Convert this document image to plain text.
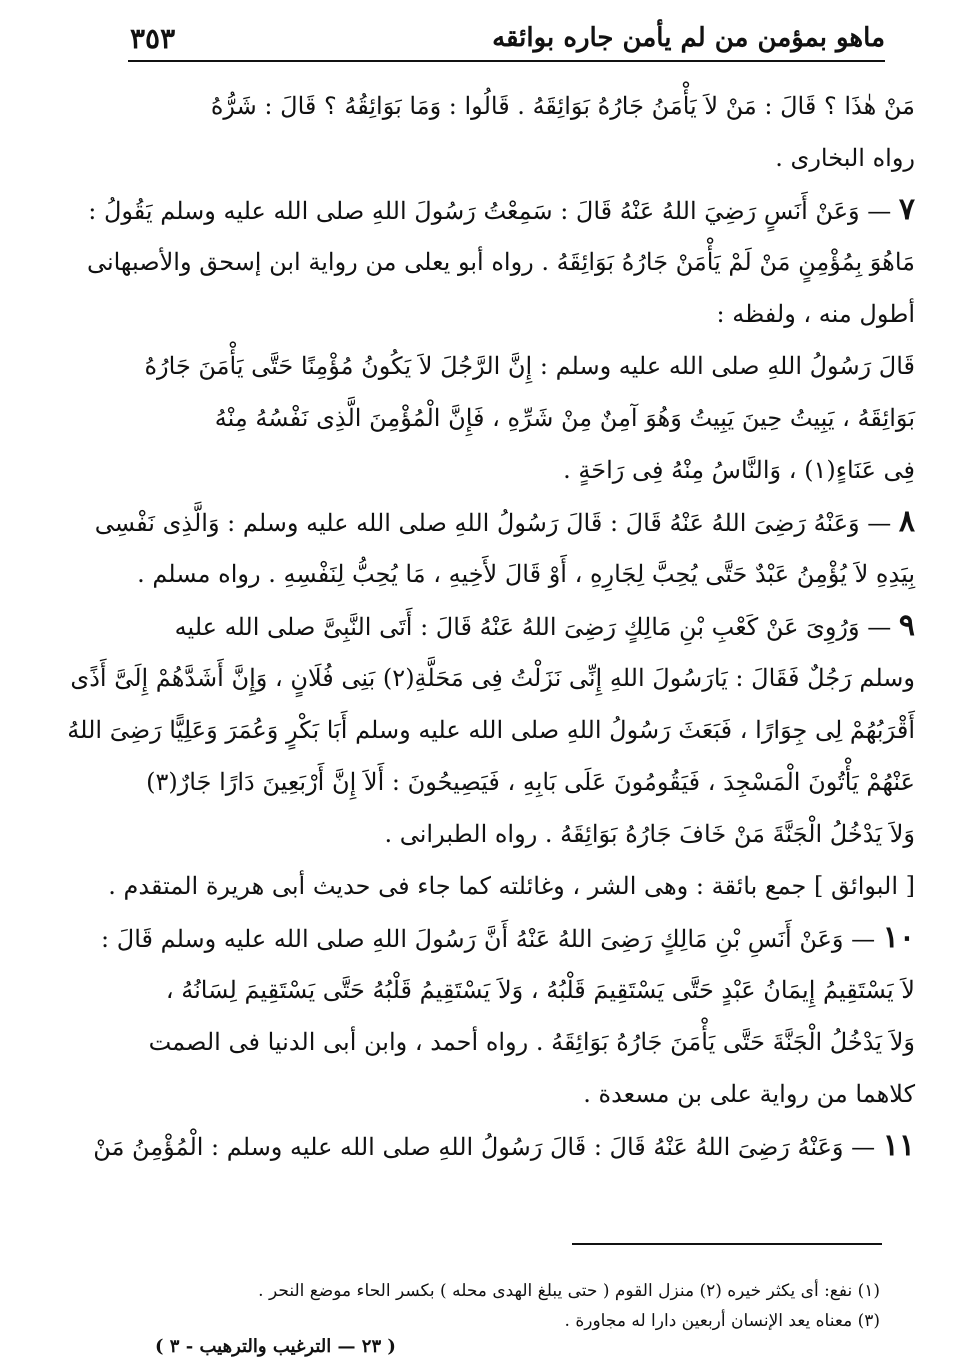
ماهو بمؤمن من لم يأمن جاره بوائقه
٣٥٣
مَنْ هٰذَا ؟ قَالَ : مَنْ لاَ يَأْمَنُ جَارُهُ بَوَائِقَهُ . قَالُوا : وَمَا بَوَائِقُهُ ؟ قَالَ : شَرُّهُ
رواه البخارى .
٧ — وَعَنْ أَنَسٍ رَضِيَ اللهُ عَنْهُ قَالَ : سَمِعْتُ رَسُولَ اللهِ صلى الله عليه وسلم يَقُولُ :
مَاهُوَ بِمُؤْمِنٍ مَنْ لَمْ يَأْمَنْ جَارُهُ بَوَائِقَهُ . رواه أبو يعلى من رواية ابن إسحق والأصبهانى
أطول منه ، ولفظه :
قَالَ رَسُولُ اللهِ صلى الله عليه وسلم : إِنَّ الرَّجُلَ لاَ يَكُونُ مُؤْمِنًا حَتَّى يَأْمَنَ جَارُهُ
بَوَائِقَهُ ، يَبِيتُ حِينَ يَبِيتُ وَهُوَ آمِنٌ مِنْ شَرِّهِ ، فَإِنَّ الْمُؤْمِنَ الَّذِى نَفْسُهُ مِنْهُ
فِى عَنَاءٍ(١) ، وَالنَّاسُ مِنْهُ فِى رَاحَةٍ .
٨ — وَعَنْهُ رَضِىَ اللهُ عَنْهُ قَالَ : قَالَ رَسُولُ اللهِ صلى الله عليه وسلم : وَالَّذِى نَفْسِى
بِيَدِهِ لاَ يُؤْمِنُ عَبْدٌ حَتَّى يُحِبَّ لِجَارِهِ ، أَوْ قَالَ لأَخِيهِ ، مَا يُحِبُّ لِنَفْسِهِ . رواه مسلم .
٩ — وَرُوِىَ عَنْ كَعْبِ بْنِ مَالِكٍ رَضِىَ اللهُ عَنْهُ قَالَ : أَتَى النَّبِىَّ صلى الله عليه
وسلم رَجُلٌ فَقَالَ : يَارَسُولَ اللهِ إِنِّى نَزَلْتُ فِى مَحَلَّةِ(٢) بَنِى فُلَانٍ ، وَإِنَّ أَشَدَّهُمْ إِلَىَّ أَذًى
أَقْرَبُهُمْ لِى جِوَارًا ، فَبَعَثَ رَسُولُ اللهِ صلى الله عليه وسلم أَبَا بَكْرٍ وَعُمَرَ وَعَلِيًّا رَضِىَ اللهُ
عَنْهُمْ يَأْتُونَ الْمَسْجِدَ ، فَيَقُومُونَ عَلَى بَابِهِ ، فَيَصِيحُونَ : أَلاَ إِنَّ أَرْبَعِينَ دَارًا جَارٌ(٣)
وَلاَ يَدْخُلُ الْجَنَّةَ مَنْ خَافَ جَارُهُ بَوَائِقَهُ . رواه الطبرانى .
[ البوائق ] جمع بائقة : وهى الشر ، وغائلته كما جاء فى حديث أبى هريرة المتقدم .
١٠ — وَعَنْ أَنَسِ بْنِ مَالِكٍ رَضِىَ اللهُ عَنْهُ أَنَّ رَسُولَ اللهِ صلى الله عليه وسلم قَالَ :
لاَ يَسْتَقِيمُ إِيمَانُ عَبْدٍ حَتَّى يَسْتَقِيمَ قَلْبُهُ ، وَلاَ يَسْتَقِيمُ قَلْبُهُ حَتَّى يَسْتَقِيمَ لِسَانُهُ ،
وَلاَ يَدْخُلُ الْجَنَّةَ حَتَّى يَأْمَنَ جَارُهُ بَوَائِقَهُ . رواه أحمد ، وابن أبى الدنيا فى الصمت
كلاهما من رواية على بن مسعدة .
١١ — وَعَنْهُ رَضِىَ اللهُ عَنْهُ قَالَ : قَالَ رَسُولُ اللهِ صلى الله عليه وسلم : الْمُؤْمِنُ مَنْ
(١) نفع: أى يكثر خيره (٢) منزل القوم ( حتى يبلغ الهدى محله ) بكسر الحاء موضع النحر .
(٣) معناه يعد الإنسان أربعين دارا له مجاورة .
( ٢٣ — الترغيب والترهيب - ٣ )
